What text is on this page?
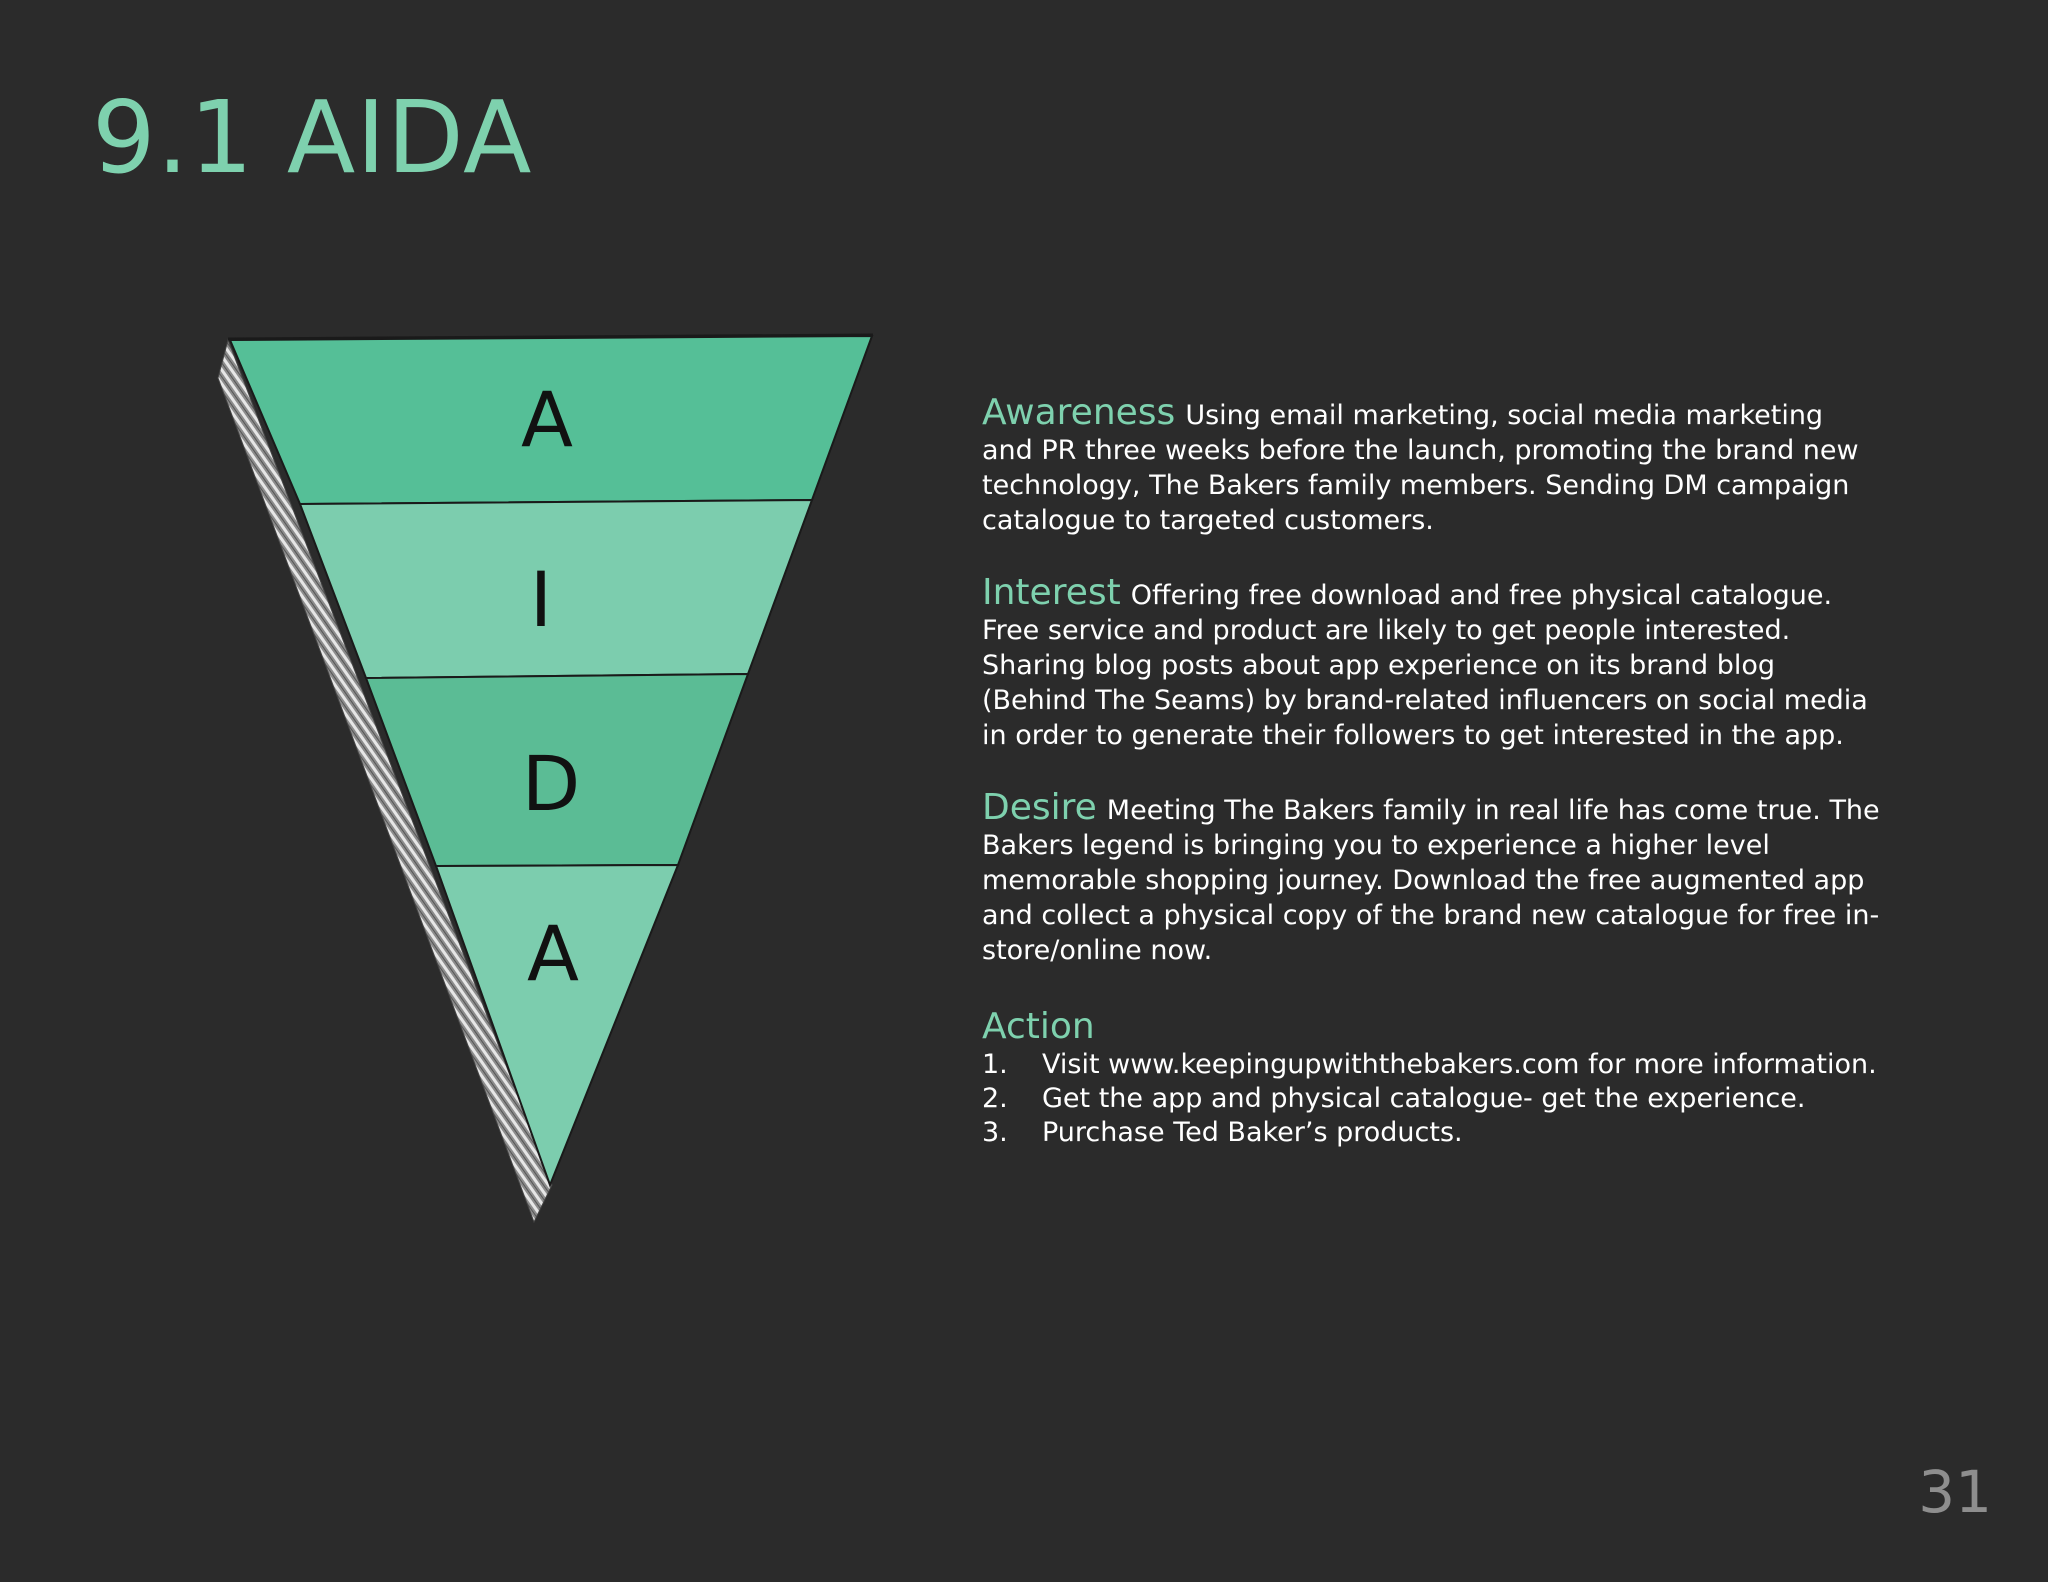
9.1 AIDA
A
I
D
A

Awareness Using email marketing, social media marketing and PR three weeks before the launch, promoting the brand new technology, The Bakers family members. Sending DM campaign catalogue to targeted customers.

Interest Offering free download and free physical catalogue. Free service and product are likely to get people interested. Sharing blog posts about app experience on its brand blog (Behind The Seams) by brand-related influencers on social media in order to generate their followers to get interested in the app.

Desire Meeting The Bakers family in real life has come true. The Bakers legend is bringing you to experience a higher level memorable shopping journey. Download the free augmented app and collect a physical copy of the brand new catalogue for free in-store/online now.

Action
1.	Visit www.keepingupwiththebakers.com for more information.
2.	Get the app and physical catalogue- get the experience.
3.	Purchase Ted Baker’s products.
31
